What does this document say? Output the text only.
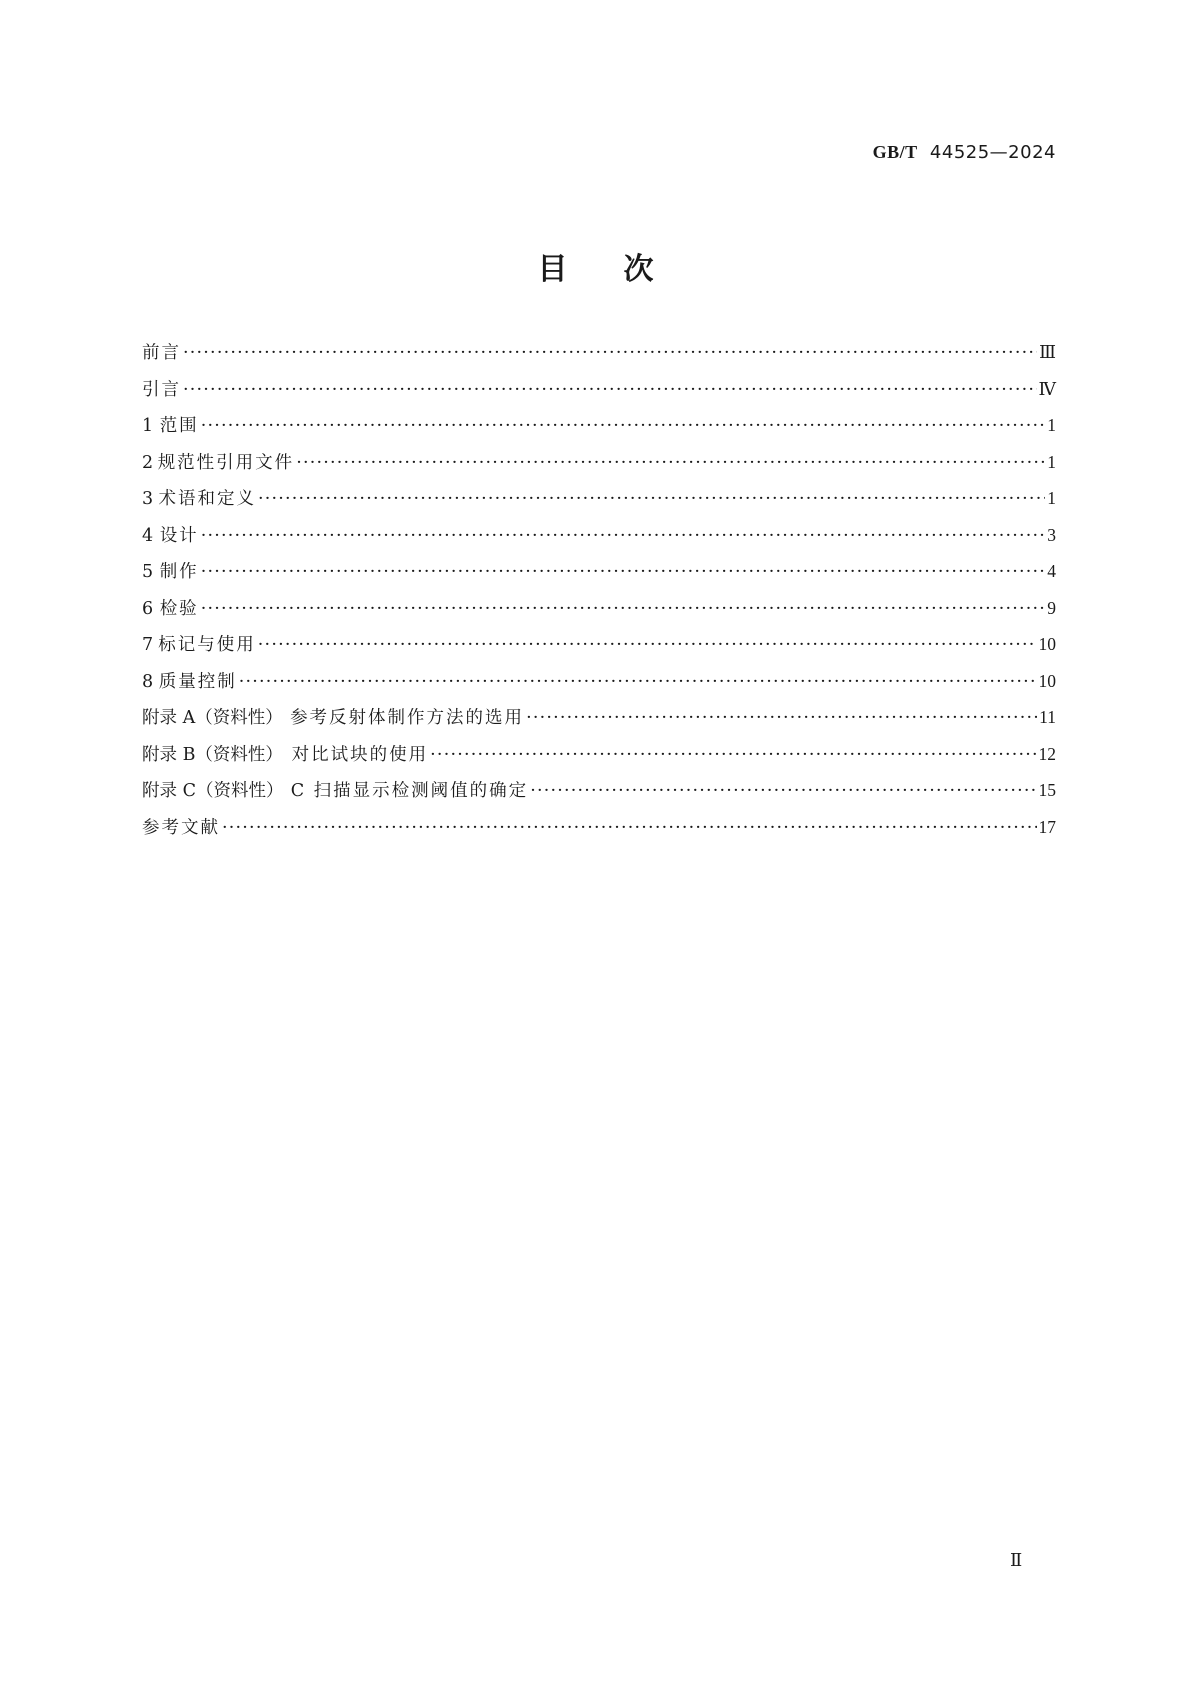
GB/T 44525—2024
目次
前言 ·····	Ⅲ
引言 ·····	Ⅳ
1 范围 ·····	1
2 规范性引用文件 ·····	1
3 术语和定义 ·····	1
4 设计 ·····	3
5 制作 ·····	4
6 检验 ·····	9
7 标记与使用 ·····	10
8 质量控制 ·····	10
附录 A（资料性） 参考反射体制作方法的选用 ·····	11
附录 B（资料性） 对比试块的使用 ·····	12
附录 C（资料性） C 扫描显示检测阈值的确定 ·····	15
参考文献 ·····	17
Ⅱ
